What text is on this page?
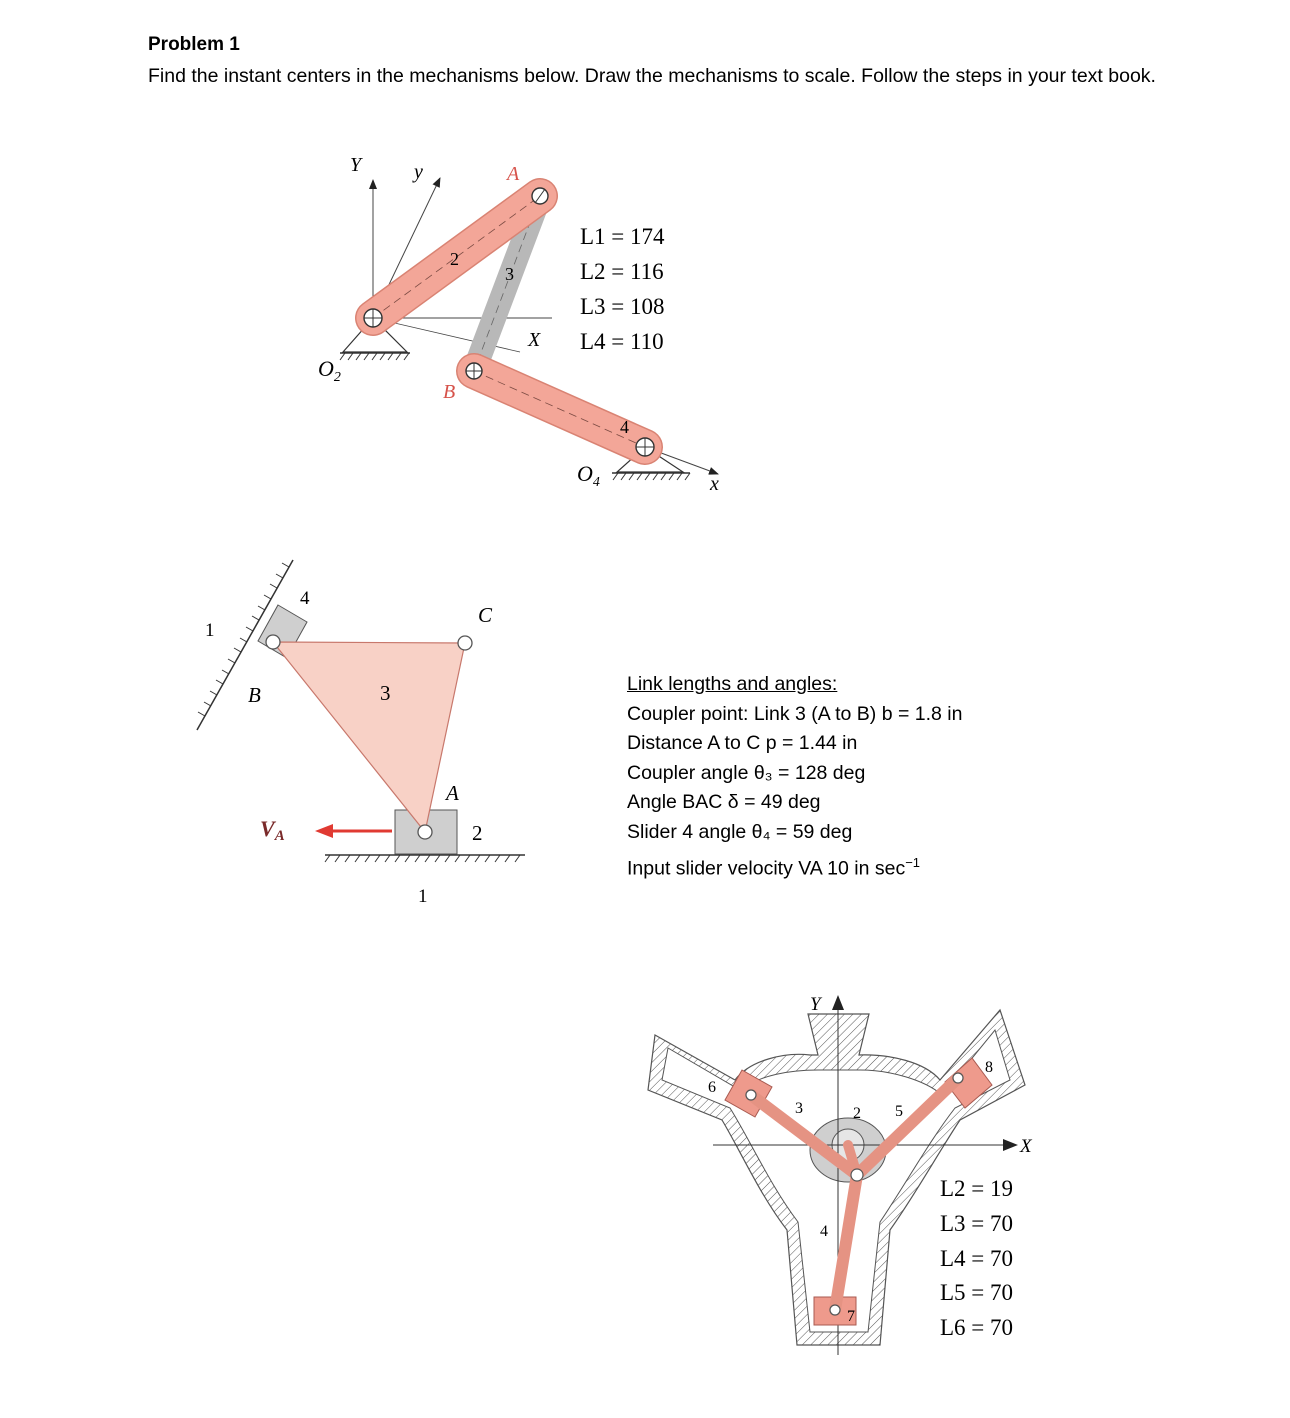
Problem 1
Find the instant centers in the mechanisms below. Draw the mechanisms to scale. Follow the steps in your text book.
Y	y
X
x
A
B
$O_2$
$O_4$
2
3
4
L1 = 174
L2 = 116
L3 = 108
L4 = 110
1
4
C
B	3
A
2
1
VA
Y
X
6
3	2 5
8
4
7
L2 = 19
L3 = 70
L4 = 70
L5 = 70
L6 = 70
Link lengths and angles:
Coupler point: Link 3 (A to B) b = 1.8 in
Distance A to C p = 1.44 in
Coupler angle θ₃ = 128 deg
Angle BAC δ = 49 deg
Slider 4 angle θ₄ = 59 deg
Input slider velocity VA 10 in $\sec^{-1}$
